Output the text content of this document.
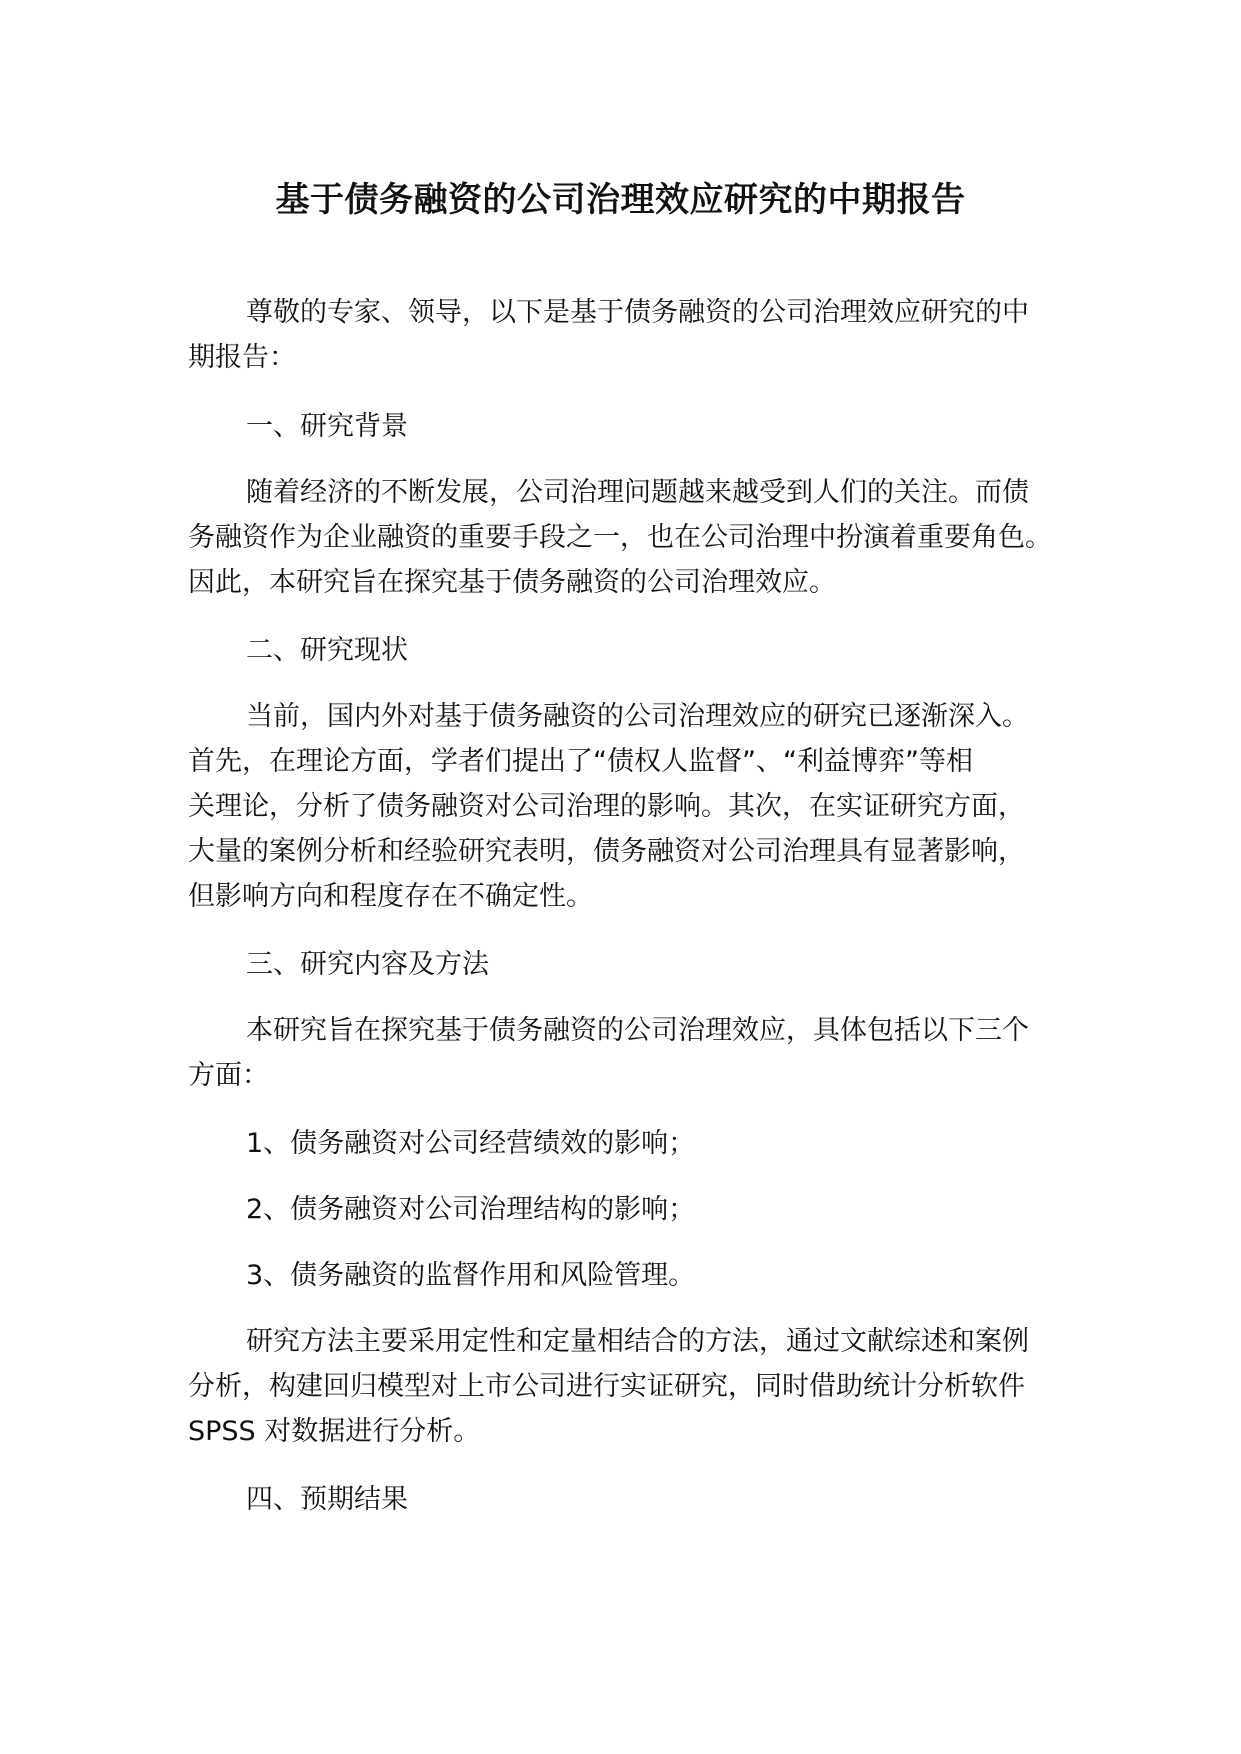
基于债务融资的公司治理效应研究的中期报告
尊敬的专家、领导，以下是基于债务融资的公司治理效应研究的中
期报告：
一、研究背景
随着经济的不断发展，公司治理问题越来越受到人们的关注。而债
务融资作为企业融资的重要手段之一，也在公司治理中扮演着重要角色。
因此，本研究旨在探究基于债务融资的公司治理效应。
二、研究现状
当前，国内外对基于债务融资的公司治理效应的研究已逐渐深入。
首先，在理论方面，学者们提出了“债权人监督”、“利益博弈”等相
关理论，分析了债务融资对公司治理的影响。其次，在实证研究方面，
大量的案例分析和经验研究表明，债务融资对公司治理具有显著影响，
但影响方向和程度存在不确定性。
三、研究内容及方法
本研究旨在探究基于债务融资的公司治理效应，具体包括以下三个
方面：
1、债务融资对公司经营绩效的影响；
2、债务融资对公司治理结构的影响；
3、债务融资的监督作用和风险管理。
研究方法主要采用定性和定量相结合的方法，通过文献综述和案例
分析，构建回归模型对上市公司进行实证研究，同时借助统计分析软件
SPSS 对数据进行分析。
四、预期结果
